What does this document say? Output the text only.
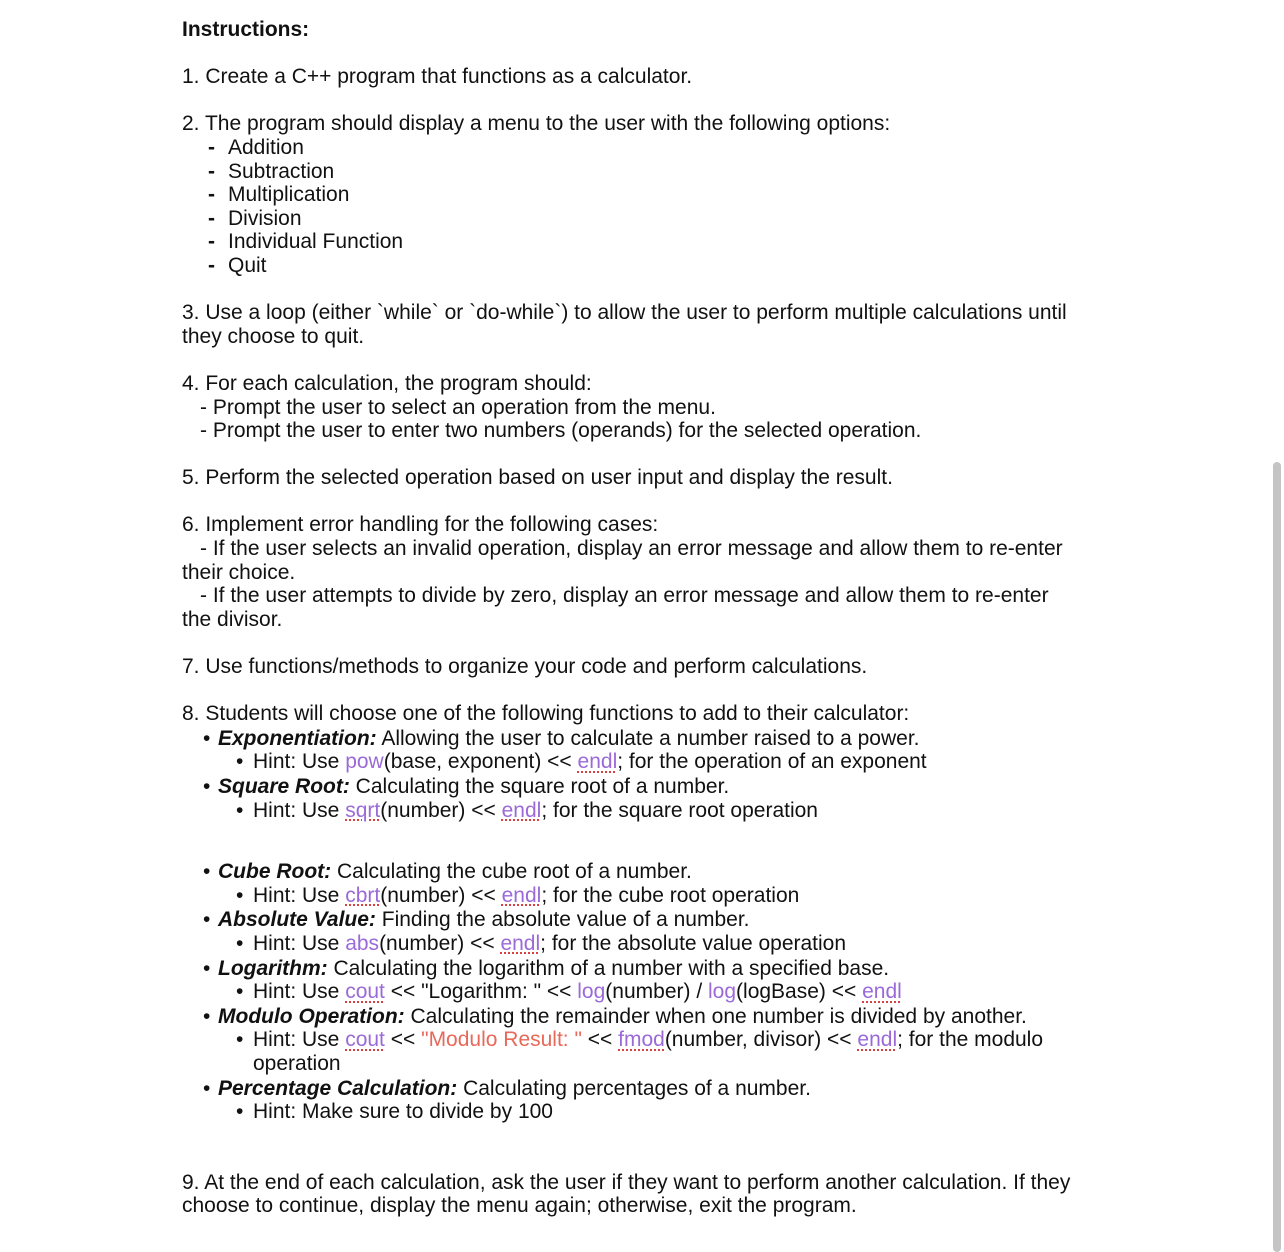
Instructions:

1. Create a C++ program that functions as a calculator.

2. The program should display a menu to the user with the following options:

- Addition
- Subtraction
- Multiplication
- Division
- Individual Function
- Quit

3. Use a loop (either `while` or `do-while`) to allow the user to perform multiple calculations until they choose to quit.

4. For each calculation, the program should:

- Prompt the user to select an operation from the menu.

- Prompt the user to enter two numbers (operands) for the selected operation.

5. Perform the selected operation based on user input and display the result.

6. Implement error handling for the following cases:

- If the user selects an invalid operation, display an error message and allow them to re-enter

their choice.

- If the user attempts to divide by zero, display an error message and allow them to re-enter

the divisor.

7. Use functions/methods to organize your code and perform calculations.

8. Students will choose one of the following functions to add to their calculator:

• Exponentiation: Allowing the user to calculate a number raised to a power.

• Hint: Use pow(base, exponent) << endl; for the operation of an exponent

• Square Root: Calculating the square root of a number.

• Hint: Use sqrt(number) << endl; for the square root operation

• Cube Root: Calculating the cube root of a number.

• Hint: Use cbrt(number) << endl; for the cube root operation

• Absolute Value: Finding the absolute value of a number.

• Hint: Use abs(number) << endl; for the absolute value operation

• Logarithm: Calculating the logarithm of a number with a specified base.

• Hint: Use cout << "Logarithm: " << log(number) / log(logBase) << endl

• Modulo Operation: Calculating the remainder when one number is divided by another.

• Hint: Use cout << "Modulo Result: " << fmod(number, divisor) << endl; for the modulo operation

• Percentage Calculation: Calculating percentages of a number.

• Hint: Make sure to divide by 100

9. At the end of each calculation, ask the user if they want to perform another calculation. If they choose to continue, display the menu again; otherwise, exit the program.
